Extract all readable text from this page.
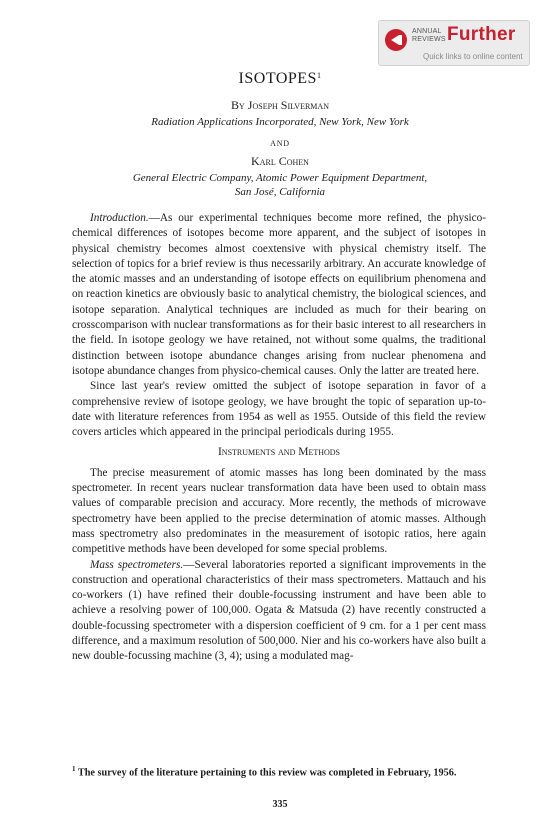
ANNUAL
REVIEWS Further
Quick links to online content
ISOTOPES$^1$
By Joseph Silverman
Radiation Applications Incorporated, New York, New York
AND
Karl Cohen
General Electric Company, Atomic Power Equipment Department,
San José, California

Introduction.—As our experimental techniques become more refined, the physico-chemical differences of isotopes become more apparent, and the subject of isotopes in physical chemistry becomes almost coextensive with physical chemistry itself. The selection of topics for a brief review is thus necessarily arbitrary. An accurate knowledge of the atomic masses and an understanding of isotope effects on equilibrium phenomena and on reaction kinetics are obviously basic to analytical chemistry, the biological sciences, and isotope separation. Analytical techniques are included as much for their bearing on crosscomparison with nuclear transformations as for their basic interest to all researchers in the field. In isotope geology we have retained, not without some qualms, the traditional distinction between isotope abundance changes arising from nuclear phenomena and isotope abundance changes from physico-chemical causes. Only the latter are treated here.

Since last year's review omitted the subject of isotope separation in favor of a comprehensive review of isotope geology, we have brought the topic of separation up-to-date with literature references from 1954 as well as 1955. Outside of this field the review covers articles which appeared in the principal periodicals during 1955.

Instruments and Methods

The precise measurement of atomic masses has long been dominated by the mass spectrometer. In recent years nuclear transformation data have been used to obtain mass values of comparable precision and accuracy. More recently, the methods of microwave spectrometry have been applied to the precise determination of atomic masses. Although mass spectrometry also predominates in the measurement of isotopic ratios, here again competitive methods have been developed for some special problems.

Mass spectrometers.—Several laboratories reported a significant improvements in the construction and operational characteristics of their mass spectrometers. Mattauch and his co-workers (1) have refined their double-focussing instrument and have been able to achieve a resolving power of 100,000. Ogata & Matsuda (2) have recently constructed a double-focussing spectrometer with a dispersion coefficient of 9 cm. for a 1 per cent mass difference, and a maximum resolution of 500,000. Nier and his co-workers have also built a new double-focussing machine (3, 4); using a modulated mag-

$^1$ The survey of the literature pertaining to this review was completed in February, 1956.
335
